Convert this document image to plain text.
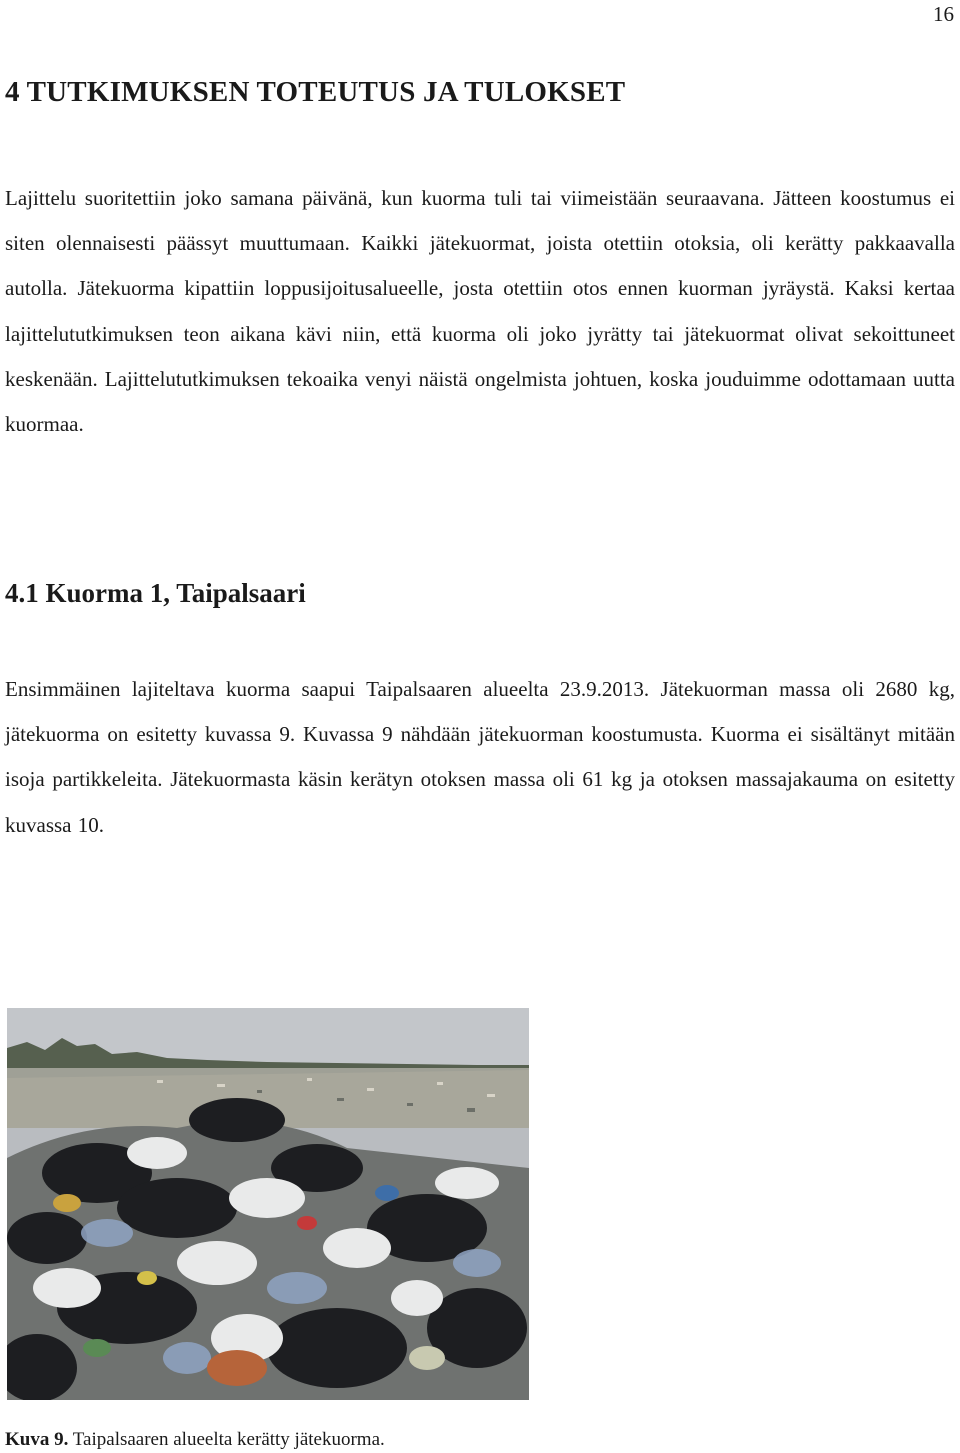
16
4 TUTKIMUKSEN TOTEUTUS JA TULOKSET

Lajittelu suoritettiin joko samana päivänä, kun kuorma tuli tai viimeistään seuraavana. Jätteen koostumus ei siten olennaisesti päässyt muuttumaan. Kaikki jätekuormat, joista otettiin otoksia, oli kerätty pakkaavalla autolla. Jätekuorma kipattiin loppusijoitusalueelle, josta otettiin otos ennen kuorman jyräystä. Kaksi kertaa lajittelututkimuksen teon aikana kävi niin, että kuorma oli joko jyrätty tai jätekuormat olivat sekoittuneet keskenään. Lajittelututkimuksen tekoaika venyi näistä ongelmista johtuen, koska jouduimme odottamaan uutta kuormaa.

4.1 Kuorma 1, Taipalsaari

Ensimmäinen lajiteltava kuorma saapui Taipalsaaren alueelta 23.9.2013. Jätekuorman massa oli 2680 kg, jätekuorma on esitetty kuvassa 9. Kuvassa 9 nähdään jätekuorman koostumusta. Kuorma ei sisältänyt mitään isoja partikkeleita. Jätekuormasta käsin kerätyn otoksen massa oli 61 kg ja otoksen massajakauma on esitetty kuvassa 10.

Kuva 9. Taipalsaaren alueelta kerätty jätekuorma.
